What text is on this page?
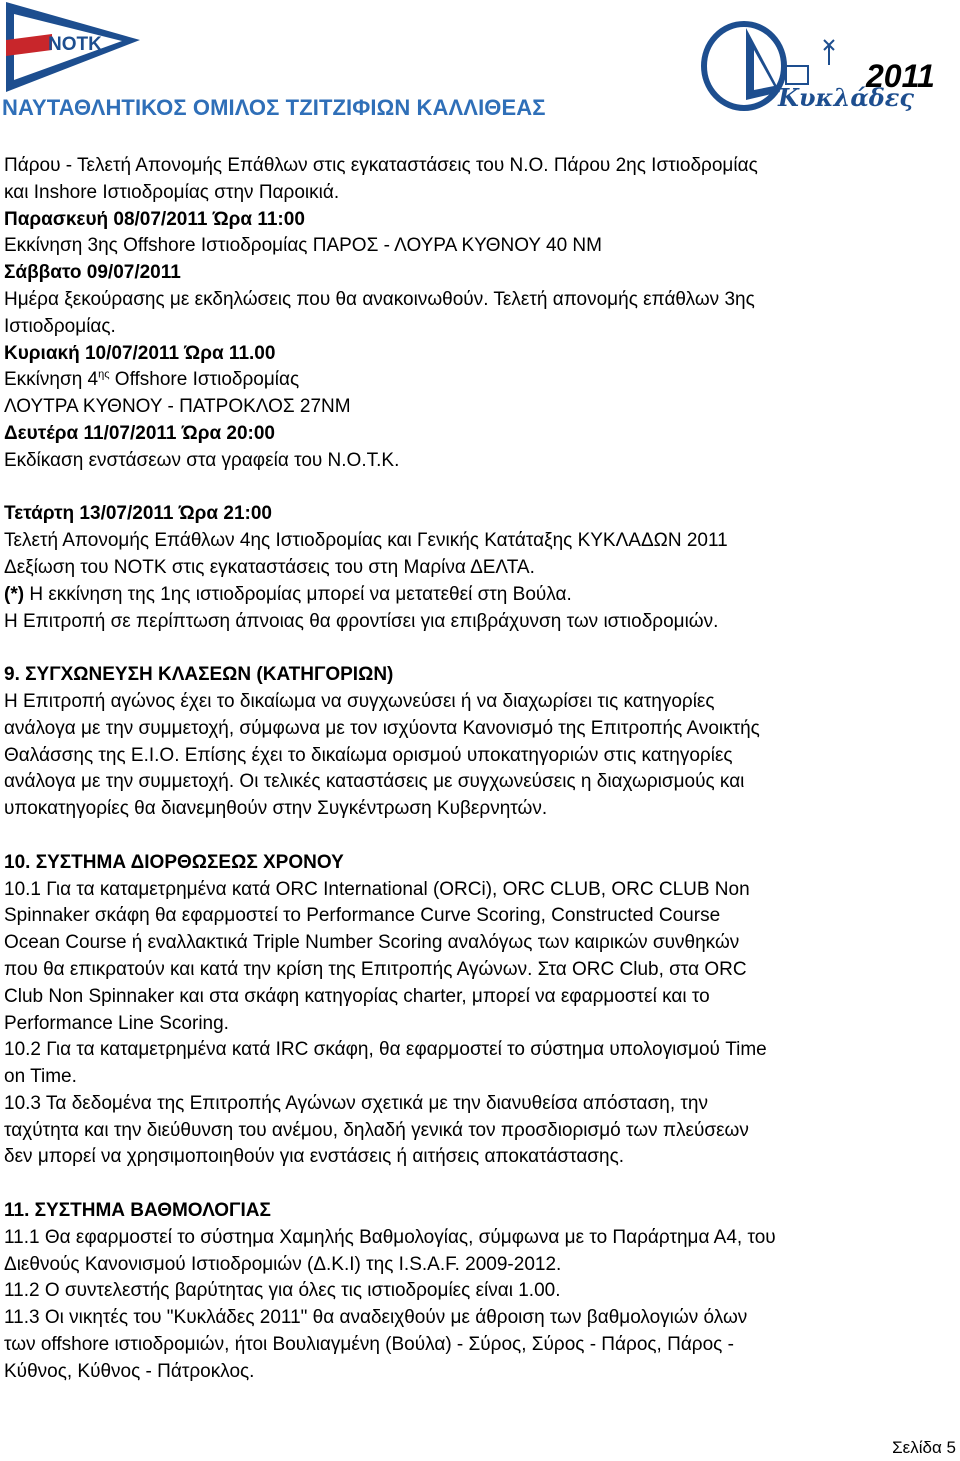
NOTK
Κυκλάδες
2011
ΝΑΥΤΑΘΛΗΤΙΚΟΣ ΟΜΙΛΟΣ ΤΖΙΤΖΙΦΙΩΝ ΚΑΛΛΙΘΕΑΣ

Πάρου - Τελετή Απονομής Επάθλων στις εγκαταστάσεις του Ν.Ο. Πάρου 2ης Ιστιοδρομίας

και Inshore Ιστιοδρομίας στην Παροικιά.

Παρασκευή 08/07/2011 Ώρα 11:00

Εκκίνηση 3ης Offshore Ιστιοδρομίας ΠΑΡΟΣ - ΛΟΥΡΑ ΚΥΘΝΟΥ 40 ΝΜ

Σάββατο 09/07/2011

Ημέρα ξεκούρασης με εκδηλώσεις που θα ανακοινωθούν. Τελετή απονομής επάθλων 3ης

Ιστιοδρομίας.

Κυριακή 10/07/2011 Ώρα 11.00

Εκκίνηση $4^{\eta\varsigma}$ Offshore Ιστιοδρομίας

ΛΟΥΤΡΑ ΚΥΘΝΟΥ - ΠΑΤΡΟΚΛΟΣ 27ΝΜ

Δευτέρα 11/07/2011 Ώρα 20:00

Εκδίκαση ενστάσεων στα γραφεία του Ν.Ο.Τ.Κ.

Τετάρτη 13/07/2011 Ώρα 21:00

Τελετή Απονομής Επάθλων 4ης Ιστιοδρομίας και Γενικής Κατάταξης ΚΥΚΛΑΔΩΝ 2011

Δεξίωση του ΝΟΤΚ στις εγκαταστάσεις του στη Μαρίνα ΔΕΛΤΑ.

(*) Η εκκίνηση της 1ης ιστιοδρομίας μπορεί να μετατεθεί στη Βούλα.

Η Επιτροπή σε περίπτωση άπνοιας θα φροντίσει για επιβράχυνση των ιστιοδρομιών.

9. ΣΥΓΧΩΝΕΥΣΗ ΚΛΑΣΕΩΝ (ΚΑΤΗΓΟΡΙΩΝ)

Η Επιτροπή αγώνος έχει το δικαίωμα να συγχωνεύσει ή να διαχωρίσει τις κατηγορίες

ανάλογα με την συμμετοχή, σύμφωνα με τον ισχύοντα Κανονισμό της Επιτροπής Ανοικτής

Θαλάσσης της Ε.Ι.Ο. Επίσης έχει το δικαίωμα ορισμού υποκατηγοριών στις κατηγορίες

ανάλογα με την συμμετοχή. Οι τελικές καταστάσεις με συγχωνεύσεις η διαχωρισμούς και

υποκατηγορίες θα διανεμηθούν στην Συγκέντρωση Κυβερνητών.

10. ΣΥΣΤΗΜΑ ΔΙΟΡΘΩΣΕΩΣ ΧΡΟΝΟΥ

10.1 Για τα καταμετρημένα κατά ORC International (ORCi), ORC CLUB, ORC CLUB Non

Spinnaker σκάφη θα εφαρμοστεί το Performance Curve Scoring, Constructed Course

Ocean Course ή εναλλακτικά Triple Number Scoring αναλόγως των καιρικών συνθηκών

που θα επικρατούν και κατά την κρίση της Επιτροπής Αγώνων. Στα ORC Club, στα ORC

Club Non Spinnaker και στα σκάφη κατηγορίας charter, μπορεί να εφαρμοστεί και το

Performance Line Scoring.

10.2 Για τα καταμετρημένα κατά IRC σκάφη, θα εφαρμοστεί το σύστημα υπολογισμού Time

on Time.

10.3 Τα δεδομένα της Επιτροπής Αγώνων σχετικά με την διανυθείσα απόσταση, την

ταχύτητα και την διεύθυνση του ανέμου, δηλαδή γενικά τον προσδιορισμό των πλεύσεων

δεν μπορεί να χρησιμοποιηθούν για ενστάσεις ή αιτήσεις αποκατάστασης.

11. ΣΥΣΤΗΜΑ ΒΑΘΜΟΛΟΓΙΑΣ

11.1 Θα εφαρμοστεί το σύστημα Χαμηλής Βαθμολογίας, σύμφωνα με το Παράρτημα Α4, του

Διεθνούς Κανονισμού Ιστιοδρομιών (Δ.Κ.Ι) της I.S.A.F. 2009-2012.

11.2 Ο συντελεστής βαρύτητας για όλες τις ιστιοδρομίες είναι 1.00.

11.3 Οι νικητές του "Κυκλάδες 2011" θα αναδειχθούν με άθροιση των βαθμολογιών όλων

των offshore ιστιοδρομιών, ήτοι Βουλιαγμένη (Βούλα) - Σύρος, Σύρος - Πάρος, Πάρος -

Κύθνος, Κύθνος - Πάτροκλος.

Σελίδα 5
